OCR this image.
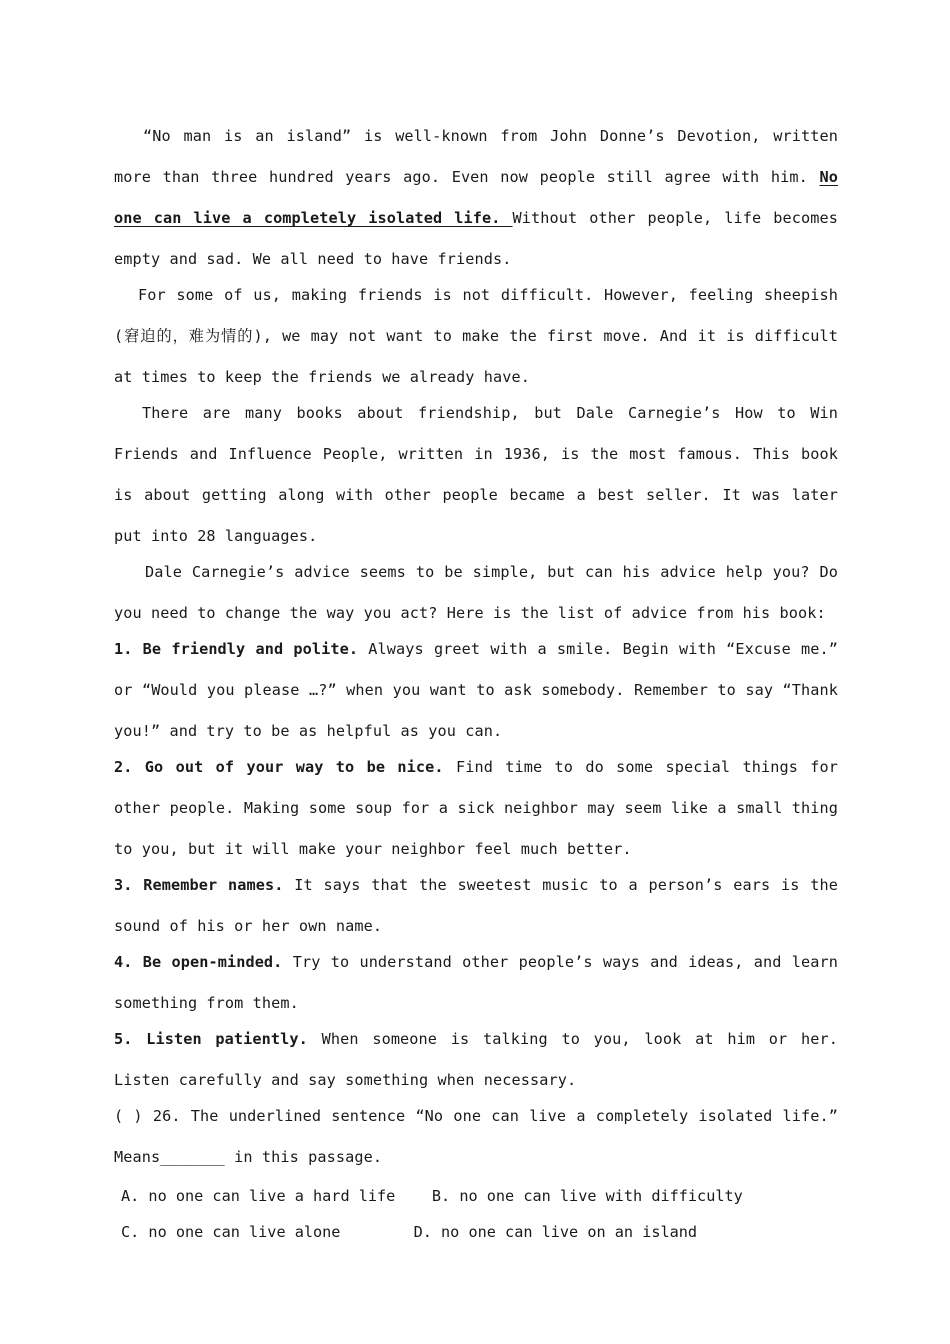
“No man is an island” is well-known from John Donne’s Devotion, written more than three hundred years ago. Even now people still agree with him. No one can live a completely isolated life. Without other people, life becomes empty and sad. We all need to have friends.

For some of us, making friends is not difficult. However, feeling sheepish (窘迫的，难为情的), we may not want to make the first move. And it is difficult at times to keep the friends we already have.

There are many books about friendship, but Dale Carnegie’s How to Win Friends and Influence People, written in 1936, is the most famous. This book is about getting along with other people became a best seller. It was later put into 28 languages.

Dale Carnegie’s advice seems to be simple, but can his advice help you? Do you need to change the way you act? Here is the list of advice from his book:

1. Be friendly and polite. Always greet with a smile. Begin with “Excuse me.” or “Would you please …?” when you want to ask somebody. Remember to say “Thank you!” and try to be as helpful as you can.

2. Go out of your way to be nice. Find time to do some special things for other people. Making some soup for a sick neighbor may seem like a small thing to you, but it will make your neighbor feel much better.

3. Remember names. It says that the sweetest music to a person’s ears is the sound of his or her own name.

4. Be open-minded. Try to understand other people’s ways and ideas, and learn something from them.

5. Listen patiently. When someone is talking to you, look at him or her. Listen carefully and say something when necessary.

( ) 26. The underlined sentence “No one can live a completely isolated life.” Means_______ in this passage.

A. no one can live a hard life B. no one can live with difficulty

C. no one can live alone	D. no one can live on an island
